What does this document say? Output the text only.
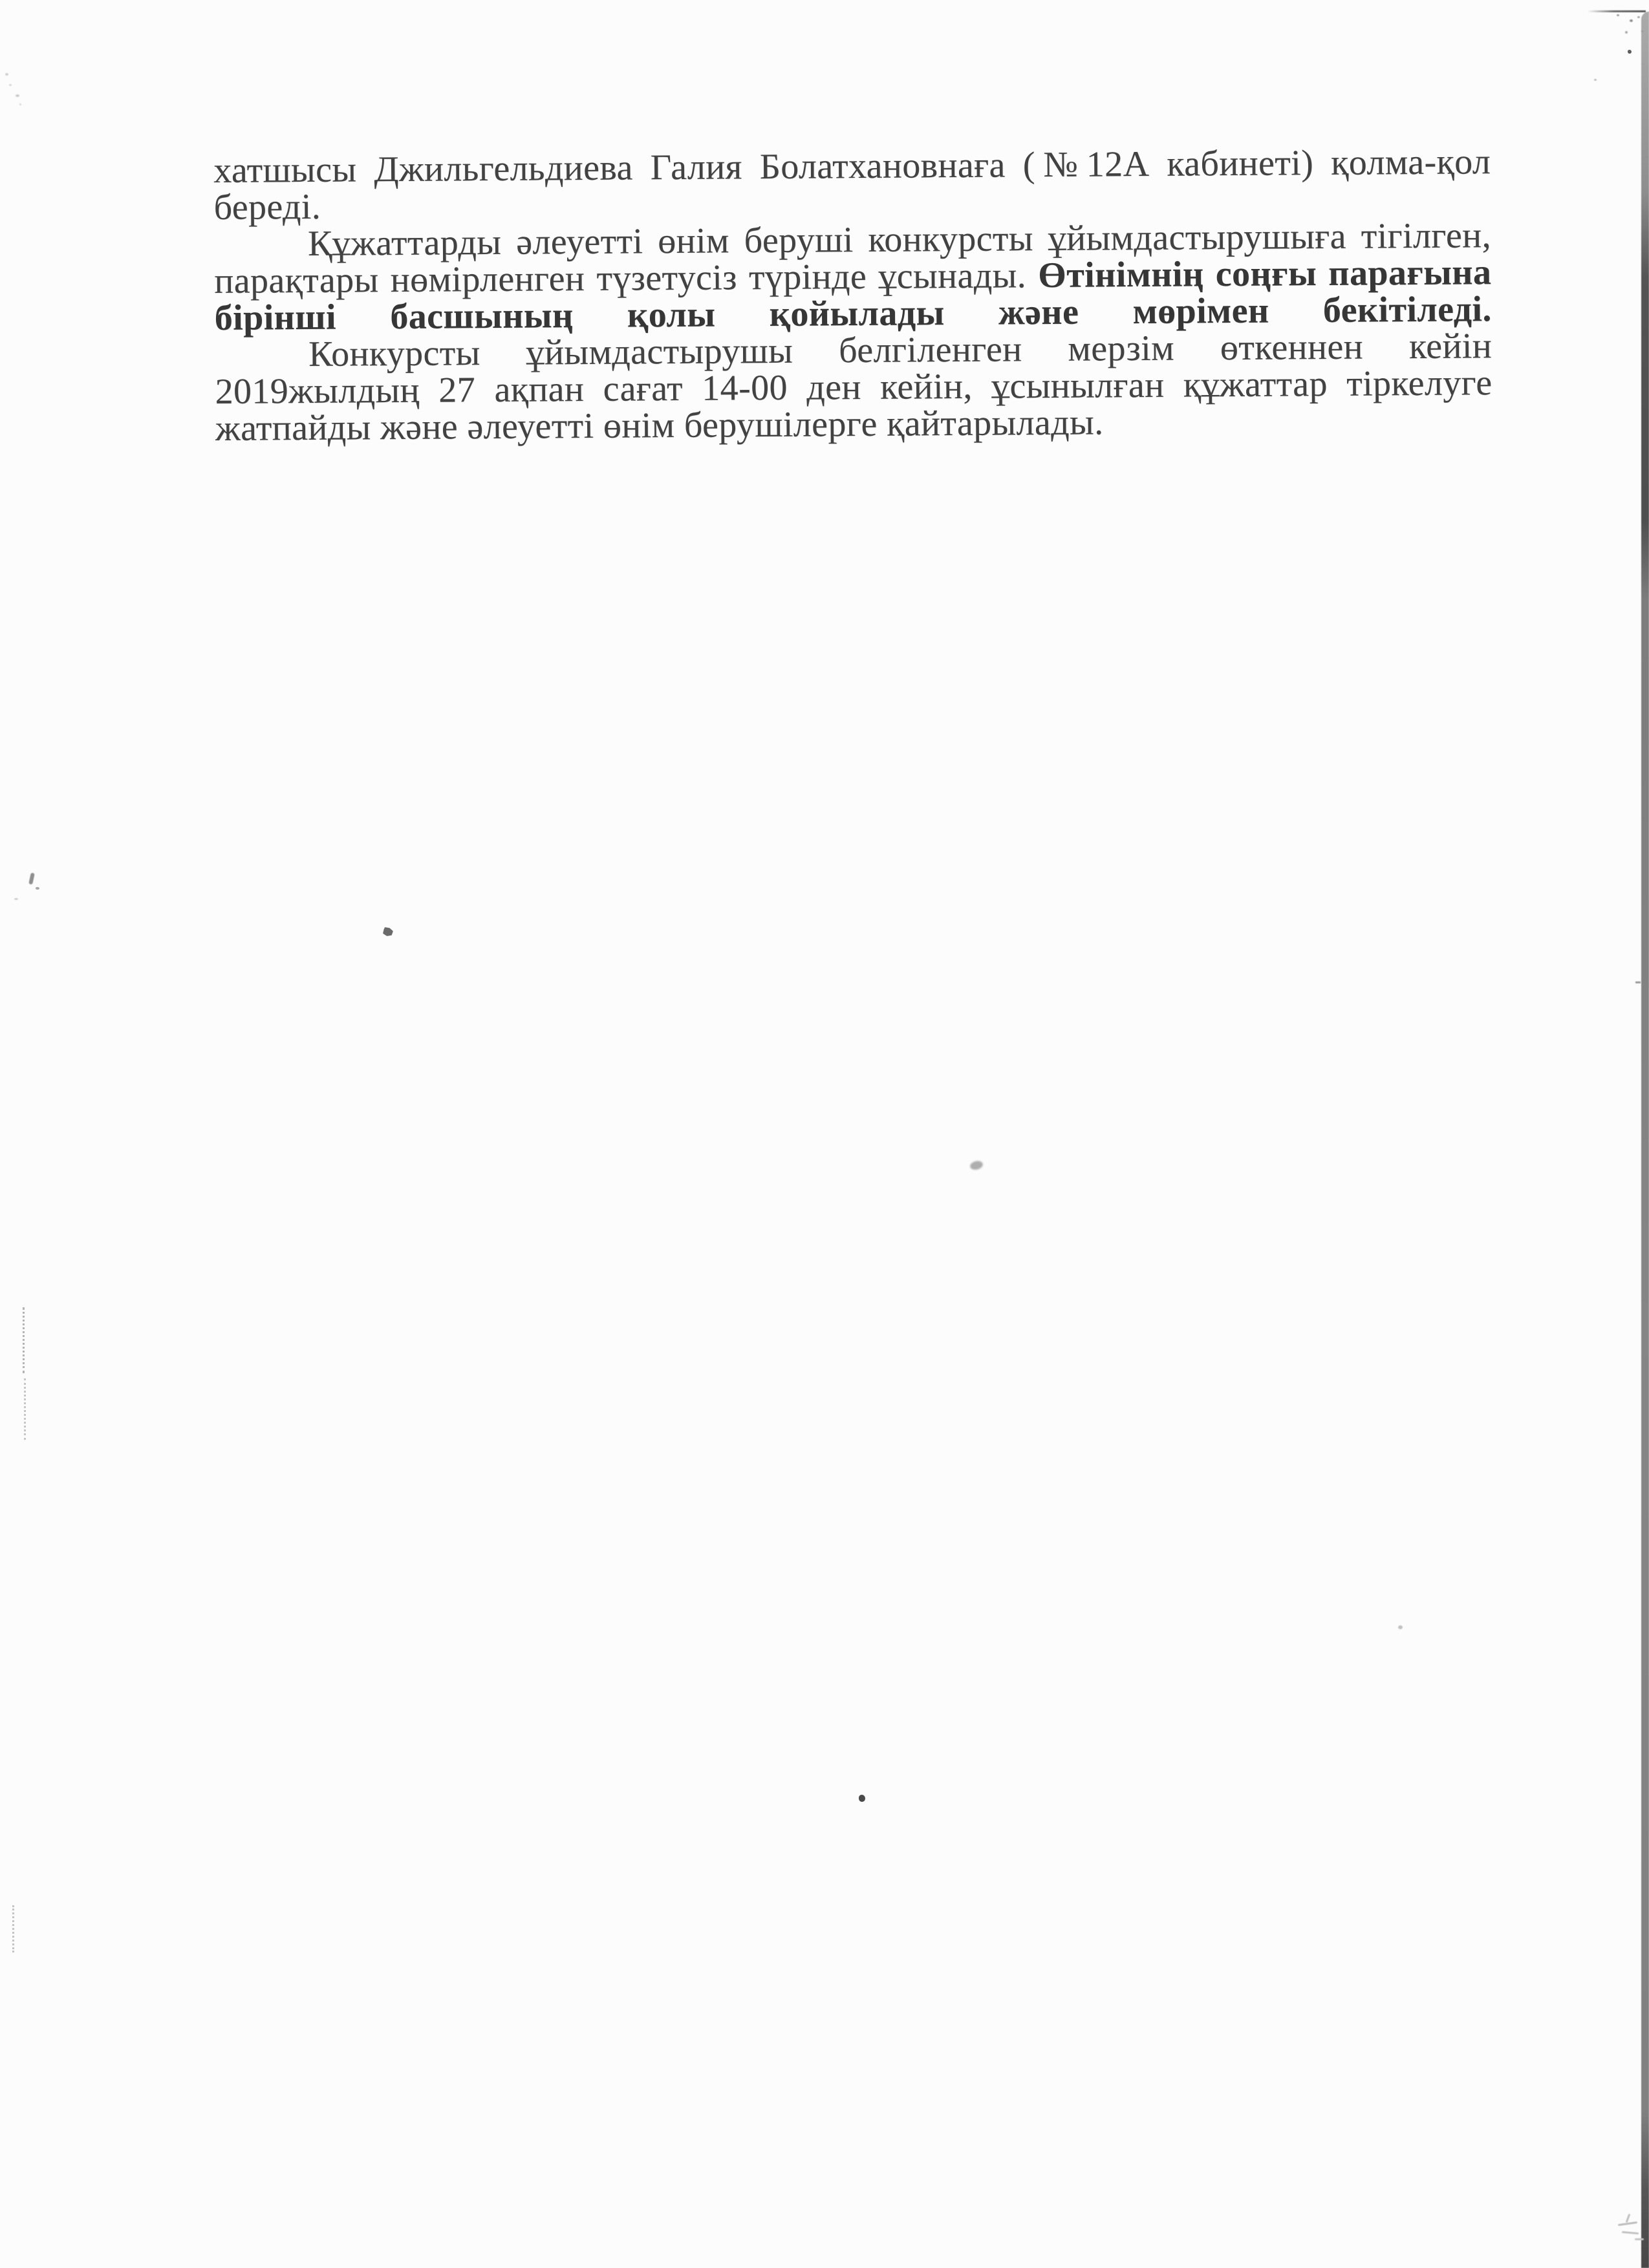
хатшысы Джильгельдиева Галия Болатхановнаға (№12А кабинеті) қолма-қол
береді.
Құжаттарды әлеуетті өнім беруші конкурсты ұйымдастырушыға тігілген,
парақтары нөмірленген түзетусіз түрінде ұсынады. Өтінімнің соңғы парағына
бірінші басшының қолы қойылады және мөрімен бекітіледі.
Конкурсты ұйымдастырушы белгіленген мерзім өткеннен кейін
2019жылдың 27 ақпан сағат 14-00 ден кейін, ұсынылған құжаттар тіркелуге
жатпайды және әлеуетті өнім берушілерге қайтарылады.
